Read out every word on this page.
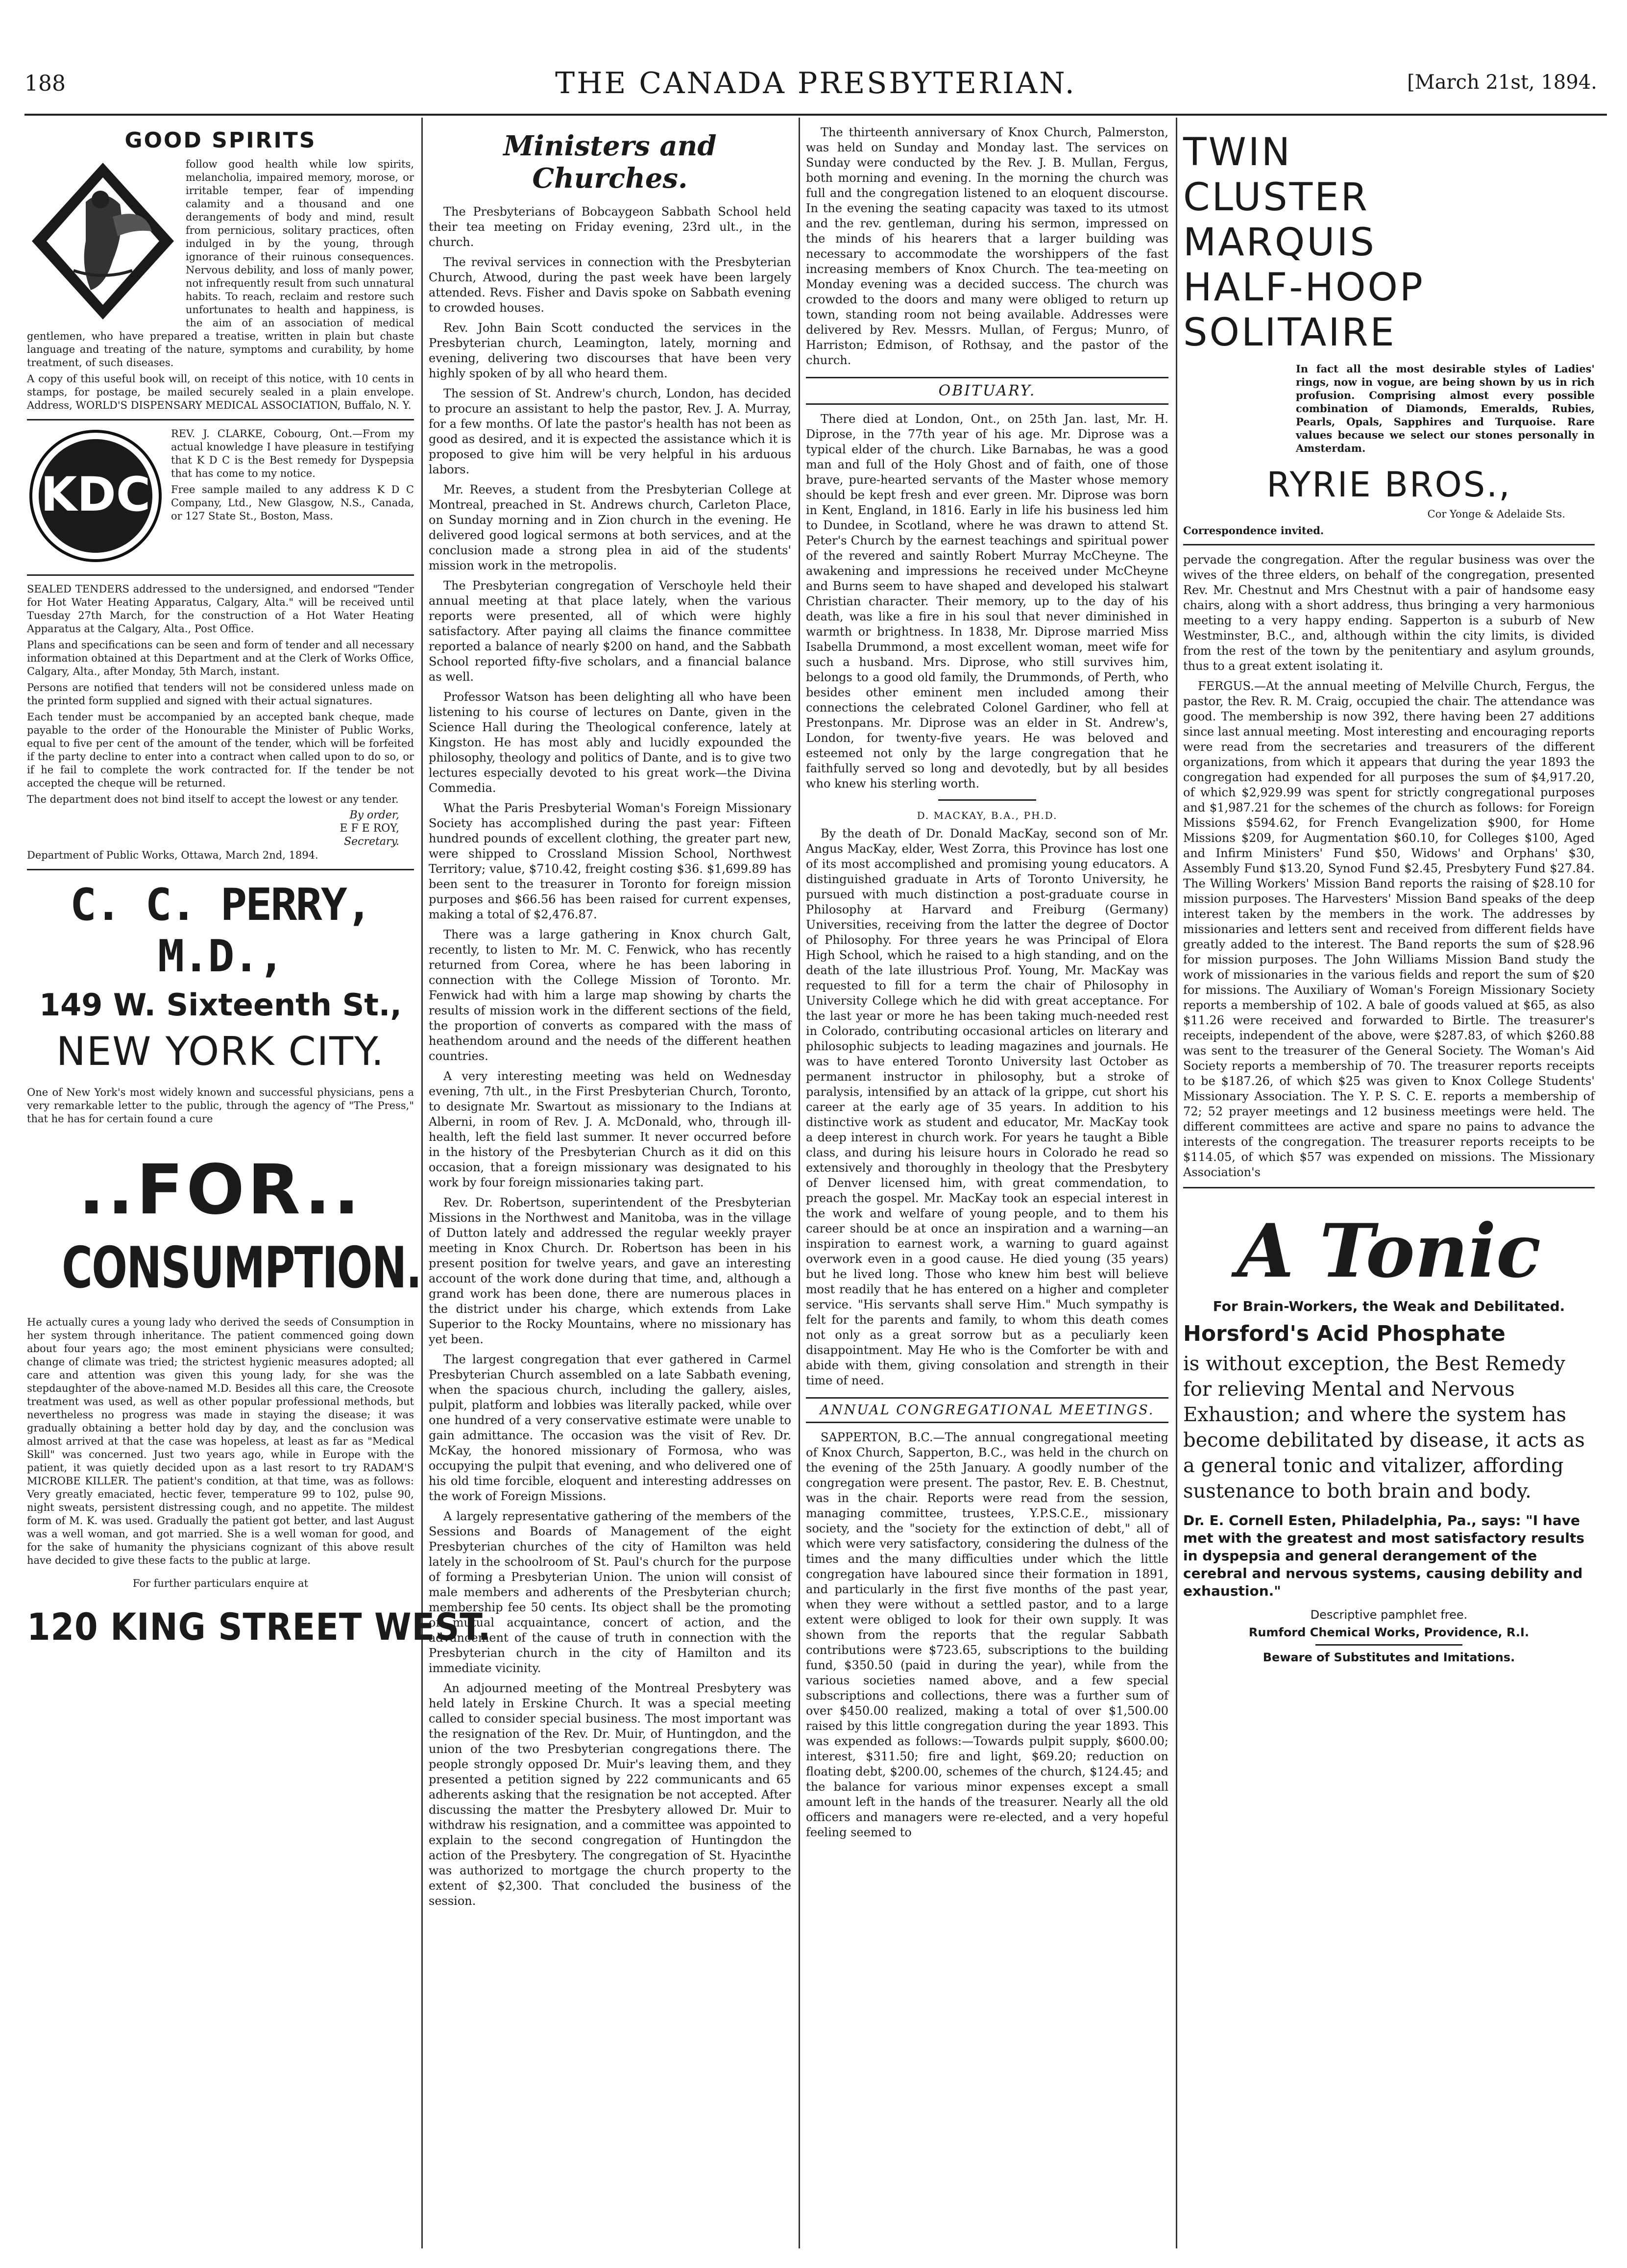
188	THE CANADA PRESBYTERIAN.	[March 21st, 1894.
GOOD SPIRITS

follow good health while low spirits, melancholia, impaired memory, morose, or irritable temper, fear of impending calamity and a thousand and one derangements of body and mind, result from pernicious, solitary practices, often indulged in by the young, through ignorance of their ruinous consequences. Nervous debility, and loss of manly power, not infrequently result from such unnatural habits. To reach, reclaim and restore such unfortunates to health and happiness, is the aim of an association of medical gentlemen, who have prepared a treatise, written in plain but chaste language and treating of the nature, symptoms and curability, by home treatment, of such diseases.

A copy of this useful book will, on receipt of this notice, with 10 cents in stamps, for postage, be mailed securely sealed in a plain envelope. Address, WORLD'S DISPENSARY MEDICAL ASSOCIATION, Buffalo, N. Y.

KDC

REV. J. CLARKE, Cobourg, Ont.—From my actual knowledge I have pleasure in testifying that K D C is the Best remedy for Dyspepsia that has come to my notice.

Free sample mailed to any address K D C Company, Ltd., New Glasgow, N.S., Canada, or 127 State St., Boston, Mass.

SEALED TENDERS addressed to the undersigned, and endorsed "Tender for Hot Water Heating Apparatus, Calgary, Alta." will be received until Tuesday 27th March, for the construction of a Hot Water Heating Apparatus at the Calgary, Alta., Post Office.

Plans and specifications can be seen and form of tender and all necessary information obtained at this Department and at the Clerk of Works Office, Calgary, Alta., after Monday, 5th March, instant.

Persons are notified that tenders will not be considered unless made on the printed form supplied and signed with their actual signatures.

Each tender must be accompanied by an accepted bank cheque, made payable to the order of the Honourable the Minister of Public Works, equal to five per cent of the amount of the tender, which will be forfeited if the party decline to enter into a contract when called upon to do so, or if he fail to complete the work contracted for. If the tender be not accepted the cheque will be returned.

The department does not bind itself to accept the lowest or any tender.

By order,
E F E ROY,
Secretary.

Department of Public Works, Ottawa, March 2nd, 1894.

C. C. PERRY, M.D.,
149 W. Sixteenth St.,
NEW YORK CITY.

One of New York's most widely known and successful physicians, pens a very remarkable letter to the public, through the agency of "The Press," that he has for certain found a cure

..FOR..
CONSUMPTION.

He actually cures a young lady who derived the seeds of Consumption in her system through inheritance. The patient commenced going down about four years ago; the most eminent physicians were consulted; change of climate was tried; the strictest hygienic measures adopted; all care and attention was given this young lady, for she was the stepdaughter of the above-named M.D. Besides all this care, the Creosote treatment was used, as well as other popular professional methods, but nevertheless no progress was made in staying the disease; it was gradually obtaining a better hold day by day, and the conclusion was almost arrived at that the case was hopeless, at least as far as "Medical Skill" was concerned. Just two years ago, while in Europe with the patient, it was quietly decided upon as a last resort to try RADAM'S MICROBE KILLER. The patient's condition, at that time, was as follows: Very greatly emaciated, hectic fever, temperature 99 to 102, pulse 90, night sweats, persistent distressing cough, and no appetite. The mildest form of M. K. was used. Gradually the patient got better, and last August was a well woman, and got married. She is a well woman for good, and for the sake of humanity the physicians cognizant of this above result have decided to give these facts to the public at large.

For further particulars enquire at

120 KING STREET WEST.
Ministers and Churches.

The Presbyterians of Bobcaygeon Sabbath School held their tea meeting on Friday evening, 23rd ult., in the church.

The revival services in connection with the Presbyterian Church, Atwood, during the past week have been largely attended. Revs. Fisher and Davis spoke on Sabbath evening to crowded houses.

Rev. John Bain Scott conducted the services in the Presbyterian church, Leamington, lately, morning and evening, delivering two discourses that have been very highly spoken of by all who heard them.

The session of St. Andrew's church, London, has decided to procure an assistant to help the pastor, Rev. J. A. Murray, for a few months. Of late the pastor's health has not been as good as desired, and it is expected the assistance which it is proposed to give him will be very helpful in his arduous labors.

Mr. Reeves, a student from the Presbyterian College at Montreal, preached in St. Andrews church, Carleton Place, on Sunday morning and in Zion church in the evening. He delivered good logical sermons at both services, and at the conclusion made a strong plea in aid of the students' mission work in the metropolis.

The Presbyterian congregation of Verschoyle held their annual meeting at that place lately, when the various reports were presented, all of which were highly satisfactory. After paying all claims the finance committee reported a balance of nearly $200 on hand, and the Sabbath School reported fifty-five scholars, and a financial balance as well.

Professor Watson has been delighting all who have been listening to his course of lectures on Dante, given in the Science Hall during the Theological conference, lately at Kingston. He has most ably and lucidly expounded the philosophy, theology and politics of Dante, and is to give two lectures especially devoted to his great work—the Divina Commedia.

What the Paris Presbyterial Woman's Foreign Missionary Society has accomplished during the past year: Fifteen hundred pounds of excellent clothing, the greater part new, were shipped to Crossland Mission School, Northwest Territory; value, $710.42, freight costing $36. $1,699.89 has been sent to the treasurer in Toronto for foreign mission purposes and $66.56 has been raised for current expenses, making a total of $2,476.87.

There was a large gathering in Knox church Galt, recently, to listen to Mr. M. C. Fenwick, who has recently returned from Corea, where he has been laboring in connection with the College Mission of Toronto. Mr. Fenwick had with him a large map showing by charts the results of mission work in the different sections of the field, the proportion of converts as compared with the mass of heathendom around and the needs of the different heathen countries.

A very interesting meeting was held on Wednesday evening, 7th ult., in the First Presbyterian Church, Toronto, to designate Mr. Swartout as missionary to the Indians at Alberni, in room of Rev. J. A. McDonald, who, through ill-health, left the field last summer. It never occurred before in the history of the Presbyterian Church as it did on this occasion, that a foreign missionary was designated to his work by four foreign missionaries taking part.

Rev. Dr. Robertson, superintendent of the Presbyterian Missions in the Northwest and Manitoba, was in the village of Dutton lately and addressed the regular weekly prayer meeting in Knox Church. Dr. Robertson has been in his present position for twelve years, and gave an interesting account of the work done during that time, and, although a grand work has been done, there are numerous places in the district under his charge, which extends from Lake Superior to the Rocky Mountains, where no missionary has yet been.

The largest congregation that ever gathered in Carmel Presbyterian Church assembled on a late Sabbath evening, when the spacious church, including the gallery, aisles, pulpit, platform and lobbies was literally packed, while over one hundred of a very conservative estimate were unable to gain admittance. The occasion was the visit of Rev. Dr. McKay, the honored missionary of Formosa, who was occupying the pulpit that evening, and who delivered one of his old time forcible, eloquent and interesting addresses on the work of Foreign Missions.

A largely representative gathering of the members of the Sessions and Boards of Management of the eight Presbyterian churches of the city of Hamilton was held lately in the schoolroom of St. Paul's church for the purpose of forming a Presbyterian Union. The union will consist of male members and adherents of the Presbyterian church; membership fee 50 cents. Its object shall be the promoting of mutual acquaintance, concert of action, and the advancement of the cause of truth in connection with the Presbyterian church in the city of Hamilton and its immediate vicinity.

An adjourned meeting of the Montreal Presbytery was held lately in Erskine Church. It was a special meeting called to consider special business. The most important was the resignation of the Rev. Dr. Muir, of Huntingdon, and the union of the two Presbyterian congregations there. The people strongly opposed Dr. Muir's leaving them, and they presented a petition signed by 222 communicants and 65 adherents asking that the resignation be not accepted. After discussing the matter the Presbytery allowed Dr. Muir to withdraw his resignation, and a committee was appointed to explain to the second congregation of Huntingdon the action of the Presbytery. The congregation of St. Hyacinthe was authorized to mortgage the church property to the extent of $2,300. That concluded the business of the session.

The thirteenth anniversary of Knox Church, Palmerston, was held on Sunday and Monday last. The services on Sunday were conducted by the Rev. J. B. Mullan, Fergus, both morning and evening. In the morning the church was full and the congregation listened to an eloquent discourse. In the evening the seating capacity was taxed to its utmost and the rev. gentleman, during his sermon, impressed on the minds of his hearers that a larger building was necessary to accommodate the worshippers of the fast increasing members of Knox Church. The tea-meeting on Monday evening was a decided success. The church was crowded to the doors and many were obliged to return up town, standing room not being available. Addresses were delivered by Rev. Messrs. Mullan, of Fergus; Munro, of Harriston; Edmison, of Rothsay, and the pastor of the church.

OBITUARY.

There died at London, Ont., on 25th Jan. last, Mr. H. Diprose, in the 77th year of his age. Mr. Diprose was a typical elder of the church. Like Barnabas, he was a good man and full of the Holy Ghost and of faith, one of those brave, pure-hearted servants of the Master whose memory should be kept fresh and ever green. Mr. Diprose was born in Kent, England, in 1816. Early in life his business led him to Dundee, in Scotland, where he was drawn to attend St. Peter's Church by the earnest teachings and spiritual power of the revered and saintly Robert Murray McCheyne. The awakening and impressions he received under McCheyne and Burns seem to have shaped and developed his stalwart Christian character. Their memory, up to the day of his death, was like a fire in his soul that never diminished in warmth or brightness. In 1838, Mr. Diprose married Miss Isabella Drummond, a most excellent woman, meet wife for such a husband. Mrs. Diprose, who still survives him, belongs to a good old family, the Drummonds, of Perth, who besides other eminent men included among their connections the celebrated Colonel Gardiner, who fell at Prestonpans. Mr. Diprose was an elder in St. Andrew's, London, for twenty-five years. He was beloved and esteemed not only by the large congregation that he faithfully served so long and devotedly, but by all besides who knew his sterling worth.

D. MACKAY, B.A., PH.D.

By the death of Dr. Donald MacKay, second son of Mr. Angus MacKay, elder, West Zorra, this Province has lost one of its most accomplished and promising young educators. A distinguished graduate in Arts of Toronto University, he pursued with much distinction a post-graduate course in Philosophy at Harvard and Freiburg (Germany) Universities, receiving from the latter the degree of Doctor of Philosophy. For three years he was Principal of Elora High School, which he raised to a high standing, and on the death of the late illustrious Prof. Young, Mr. MacKay was requested to fill for a term the chair of Philosophy in University College which he did with great acceptance. For the last year or more he has been taking much-needed rest in Colorado, contributing occasional articles on literary and philosophic subjects to leading magazines and journals. He was to have entered Toronto University last October as permanent instructor in philosophy, but a stroke of paralysis, intensified by an attack of la grippe, cut short his career at the early age of 35 years. In addition to his distinctive work as student and educator, Mr. MacKay took a deep interest in church work. For years he taught a Bible class, and during his leisure hours in Colorado he read so extensively and thoroughly in theology that the Presbytery of Denver licensed him, with great commendation, to preach the gospel. Mr. MacKay took an especial interest in the work and welfare of young people, and to them his career should be at once an inspiration and a warning—an inspiration to earnest work, a warning to guard against overwork even in a good cause. He died young (35 years) but he lived long. Those who knew him best will believe most readily that he has entered on a higher and completer service. "His servants shall serve Him." Much sympathy is felt for the parents and family, to whom this death comes not only as a great sorrow but as a peculiarly keen disappointment. May He who is the Comforter be with and abide with them, giving consolation and strength in their time of need.

ANNUAL CONGREGATIONAL MEETINGS.

SAPPERTON, B.C.—The annual congregational meeting of Knox Church, Sapperton, B.C., was held in the church on the evening of the 25th January. A goodly number of the congregation were present. The pastor, Rev. E. B. Chestnut, was in the chair. Reports were read from the session, managing committee, trustees, Y.P.S.C.E., missionary society, and the "society for the extinction of debt," all of which were very satisfactory, considering the dulness of the times and the many difficulties under which the little congregation have laboured since their formation in 1891, and particularly in the first five months of the past year, when they were without a settled pastor, and to a large extent were obliged to look for their own supply. It was shown from the reports that the regular Sabbath contributions were $723.65, subscriptions to the building fund, $350.50 (paid in during the year), while from the various societies named above, and a few special subscriptions and collections, there was a further sum of over $450.00 realized, making a total of over $1,500.00 raised by this little congregation during the year 1893. This was expended as follows:—Towards pulpit supply, $600.00; interest, $311.50; fire and light, $69.20; reduction on floating debt, $200.00, schemes of the church, $124.45; and the balance for various minor expenses except a small amount left in the hands of the treasurer. Nearly all the old officers and managers were re-elected, and a very hopeful feeling seemed to

TWIN
CLUSTER
MARQUIS
HALF-HOOP
SOLITAIRE

In fact all the most desirable styles of Ladies' rings, now in vogue, are being shown by us in rich profusion. Comprising almost every possible combination of Diamonds, Emeralds, Rubies, Pearls, Opals, Sapphires and Turquoise. Rare values because we select our stones personally in Amsterdam.

RYRIE BROS.,
Cor Yonge & Adelaide Sts.
Correspondence invited.

pervade the congregation. After the regular business was over the wives of the three elders, on behalf of the congregation, presented Rev. Mr. Chestnut and Mrs Chestnut with a pair of handsome easy chairs, along with a short address, thus bringing a very harmonious meeting to a very happy ending. Sapperton is a suburb of New Westminster, B.C., and, although within the city limits, is divided from the rest of the town by the penitentiary and asylum grounds, thus to a great extent isolating it.

FERGUS.—At the annual meeting of Melville Church, Fergus, the pastor, the Rev. R. M. Craig, occupied the chair. The attendance was good. The membership is now 392, there having been 27 additions since last annual meeting. Most interesting and encouraging reports were read from the secretaries and treasurers of the different organizations, from which it appears that during the year 1893 the congregation had expended for all purposes the sum of $4,917.20, of which $2,929.99 was spent for strictly congregational purposes and $1,987.21 for the schemes of the church as follows: for Foreign Missions $594.62, for French Evangelization $900, for Home Missions $209, for Augmentation $60.10, for Colleges $100, Aged and Infirm Ministers' Fund $50, Widows' and Orphans' $30, Assembly Fund $13.20, Synod Fund $2.45, Presbytery Fund $27.84. The Willing Workers' Mission Band reports the raising of $28.10 for mission purposes. The Harvesters' Mission Band speaks of the deep interest taken by the members in the work. The addresses by missionaries and letters sent and received from different fields have greatly added to the interest. The Band reports the sum of $28.96 for mission purposes. The John Williams Mission Band study the work of missionaries in the various fields and report the sum of $20 for missions. The Auxiliary of Woman's Foreign Missionary Society reports a membership of 102. A bale of goods valued at $65, as also $11.26 were received and forwarded to Birtle. The treasurer's receipts, independent of the above, were $287.83, of which $260.88 was sent to the treasurer of the General Society. The Woman's Aid Society reports a membership of 70. The treasurer reports receipts to be $187.26, of which $25 was given to Knox College Students' Missionary Association. The Y. P. S. C. E. reports a membership of 72; 52 prayer meetings and 12 business meetings were held. The different committees are active and spare no pains to advance the interests of the congregation. The treasurer reports receipts to be $114.05, of which $57 was expended on missions. The Missionary Association's

A Tonic
For Brain-Workers, the Weak and Debilitated.
Horsford's Acid Phosphate

is without exception, the Best Remedy for relieving Mental and Nervous Exhaustion; and where the system has become debilitated by disease, it acts as a general tonic and vitalizer, affording sustenance to both brain and body.

Dr. E. Cornell Esten, Philadelphia, Pa., says: "I have met with the greatest and most satisfactory results in dyspepsia and general derangement of the cerebral and nervous systems, causing debility and exhaustion."

Descriptive pamphlet free.
Rumford Chemical Works, Providence, R.I.
Beware of Substitutes and Imitations.
